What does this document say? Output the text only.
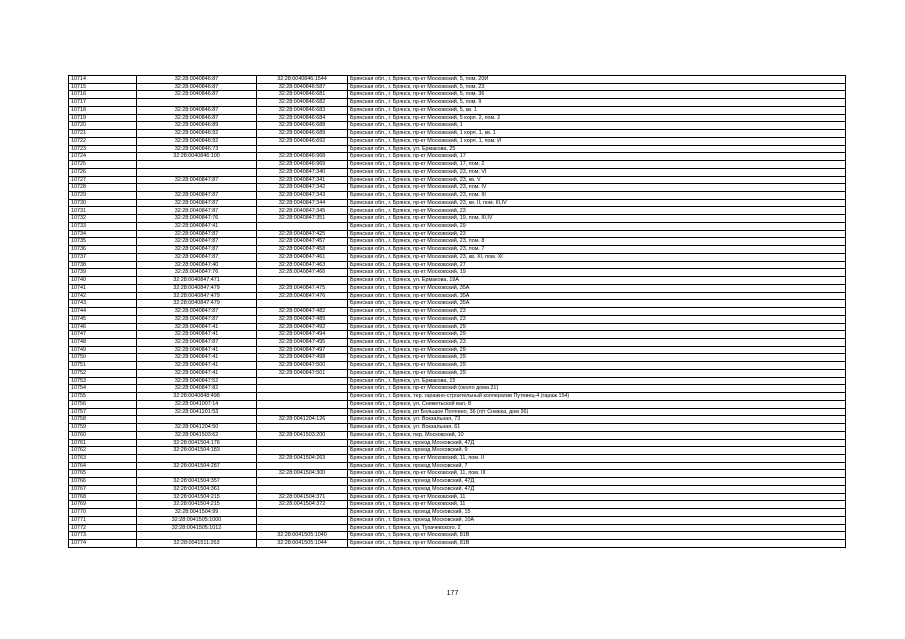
10714	32:28:0040846:87	32:28:0040846:1544	Брянская обл., г. Брянск, пр-кт Московский, 5, пом. 20И
10715	32:28:0040846:87	32:28:0040846:587	Брянская обл., г. Брянск, пр-кт Московский, 5, пом. 23
10716	32:28:0040846:87	32:28:0040846:681	Брянская обл., г. Брянск, пр-кт Московский, 5, пом. 36
10717		32:28:0040846:682	Брянская обл., г. Брянск, пр-кт Московский, 5, пом. II
10718	32:28:0040846:87	32:28:0040846:683	Брянская обл., г. Брянск, пр-кт Московский, 5, кв. 1
10719	32:28:0040846:87	32:28:0040846:684	Брянская обл., г. Брянск, пр-кт Московский, 5 корп. 2, пом. 2
10720	32:28:0040846:89	32:28:0040846:688	Брянская обл., г. Брянск, пр-кт Московский, 1
10721	32:28:0040846:92	32:28:0040846:689	Брянская обл., г. Брянск, пр-кт Московский, 1 корп. 1, кв. 1
10722	32:28:0040846:92	32:28:0040846:692	Брянская обл., г. Брянск, пр-кт Московский, 1 корп. 1, пом. И
10723	32:28:0040846:73		Брянская обл., г. Брянск, ул. Ермакова, 25
10724	32:28:0040846:100	32:28:0040846:968	Брянская обл., г. Брянск, пр-кт Московский, 17
10725		32:28:0040846:969	Брянская обл., г. Брянск, пр-кт Московский, 17, пом. 2
10726		32:28:0040847:340	Брянская обл., г. Брянск, пр-кт Московский, 23, пом. VI
10727	32:28:0040847:87	32:28:0040847:341	Брянская обл., г. Брянск, пр-кт Московский, 23, кв. V
10728		32:28:0040847:342	Брянская обл., г. Брянск, пр-кт Московский, 23, пом. IV
10729	32:28:0040847:87	32:28:0040847:343	Брянская обл., г. Брянск, пр-кт Московский, 23, пом. III
10730	32:28:0040847:87	32:28:0040847:344	Брянская обл., г. Брянск, пр-кт Московский, 23, кв. II, пом. III,IV
10731	32:28:0040847:87	32:28:0040847:345	Брянская обл., г. Брянск, пр-кт Московский, 23
10732	32:28:0040847:76	32:28:0040847:351	Брянская обл., г. Брянск, пр-кт Московский, 19, пом. III,IV
10733	32:28:0040847:41		Брянская обл., г. Брянск, пр-кт Московский, 29
10734	32:28:0040847:87	32:28:0040847:425	Брянская обл., г. Брянск, пр-кт Московский, 23
10735	32:28:0040847:87	32:28:0040847:457	Брянская обл., г. Брянск, пр-кт Московский, 23, пом. 8
10736	32:28:0040847:87	32:28:0040847:458	Брянская обл., г. Брянск, пр-кт Московский, 23, пом. 7
10737	32:28:0040847:87	32:28:0040847:461	Брянская обл., г. Брянск, пр-кт Московский, 23, кв. XI, пом. XI
10738	32:28:0040847:40	32:28:0040847:463	Брянская обл., г. Брянск, пр-кт Московский, 27
10739	32:28:0040847:76	32:28:0040847:466	Брянская обл., г. Брянск, пр-кт Московский, 19
10740	32:28:0040847:471		Брянская обл., г. Брянск, ул. Ермакова, 19А
10741	32:28:0040847:479	32:28:0040847:475	Брянская обл., г. Брянск, пр-кт Московский, 35А
10742	32:28:0040847:479	32:28:0040847:476	Брянская обл., г. Брянск, пр-кт Московский, 35А
10743	32:28:0040847:479		Брянская обл., г. Брянск, пр-кт Московский, 35А
10744	32:28:0040847:87	32:28:0040847:482	Брянская обл., г. Брянск, пр-кт Московский, 23
10745	32:28:0040847:87	32:28:0040847:489	Брянская обл., г. Брянск, пр-кт Московский, 23
10746	32:28:0040847:41	32:28:0040847:492	Брянская обл., г. Брянск, пр-кт Московский, 29
10747	32:28:0040847:41	32:28:0040847:494	Брянская обл., г. Брянск, пр-кт Московский, 29
10748	32:28:0040847:87	32:28:0040847:495	Брянская обл., г. Брянск, пр-кт Московский, 23
10749	32:28:0040847:41	32:28:0040847:497	Брянская обл., г. Брянск, пр-кт Московский, 29
10750	32:28:0040847:41	32:28:0040847:498	Брянская обл., г. Брянск, пр-кт Московский, 29
10751	32:28:0040847:41	32:28:0040847:500	Брянская обл., г. Брянск, пр-кт Московский, 29
10752	32:28:0040847:41	32:28:0040847:501	Брянская обл., г. Брянск, пр-кт Московский, 29
10753	32:28:0040847:52		Брянская обл., г. Брянск, ул. Ермакова, 15
10754	32:28:0040847:82		Брянская обл., г. Брянск, пр-кт Московский (около дома 21)
10755	32:28:0040848:498		Брянская обл., г. Брянск, тер. гаражно-строительный кооператив Путевец-4 (гараж 154)
10756	32:28:0041007:14		Брянская обл., г. Брянск, ул. Снежетьской вал, 8
10757	32:28:0041201:53		Брянская обл., г. Брянск, рп Большое Полпино, 36 (п/т Снежка, дом 36)
10758		32:28:0041204:126	Брянская обл., г. Брянск, ул. Вокзальная, 73
10759	32:28:0041204:50		Брянская обл., г. Брянск, ул. Вокзальная, 61
10760	32:28:0041503:62	32:28:0041503:200	Брянская обл., г. Брянск, пер. Московский, 10
10761	32:28:0041504:176		Брянская обл., г. Брянск, проезд Московский, 47Д
10762	32:28:0041504:183		Брянская обл., г. Брянск, проезд Московский, 9
10763		32:28:0041504:263	Брянская обл., г. Брянск, пр-кт Московский, 11, пом. II
10764	32:28:0041504:287		Брянская обл., г. Брянск, проезд Московский, 7
10765		32:28:0041504:300	Брянская обл., г. Брянск, пр-кт Московский, 11, пом. III
10766	32:28:0041504:357		Брянская обл., г. Брянск, проезд Московский, 47Д
10767	32:28:0041504:361		Брянская обл., г. Брянск, проезд Московский, 47Д
10768	32:28:0041504:215	32:28:0041504:371	Брянская обл., г. Брянск, пр-кт Московский, 11
10769	32:28:0041504:215	32:28:0041504:372	Брянская обл., г. Брянск, пр-кт Московский, 11
10770	32:28:0041504:99		Брянская обл., г. Брянск, проезд Московский, 15
10771	32:28:0041505:1000		Брянская обл., г. Брянск, проезд Московский, 10А
10772	32:28:0041505:1012		Брянская обл., г. Брянск, ул. Тухачевского, 2
10773		32:28:0041505:1040	Брянская обл., г. Брянск, пр-кт Московский, 81В
10774	32:28:0041511:263	32:28:0041505:1044	Брянская обл., г. Брянск, пр-кт Московский, 81В
177
